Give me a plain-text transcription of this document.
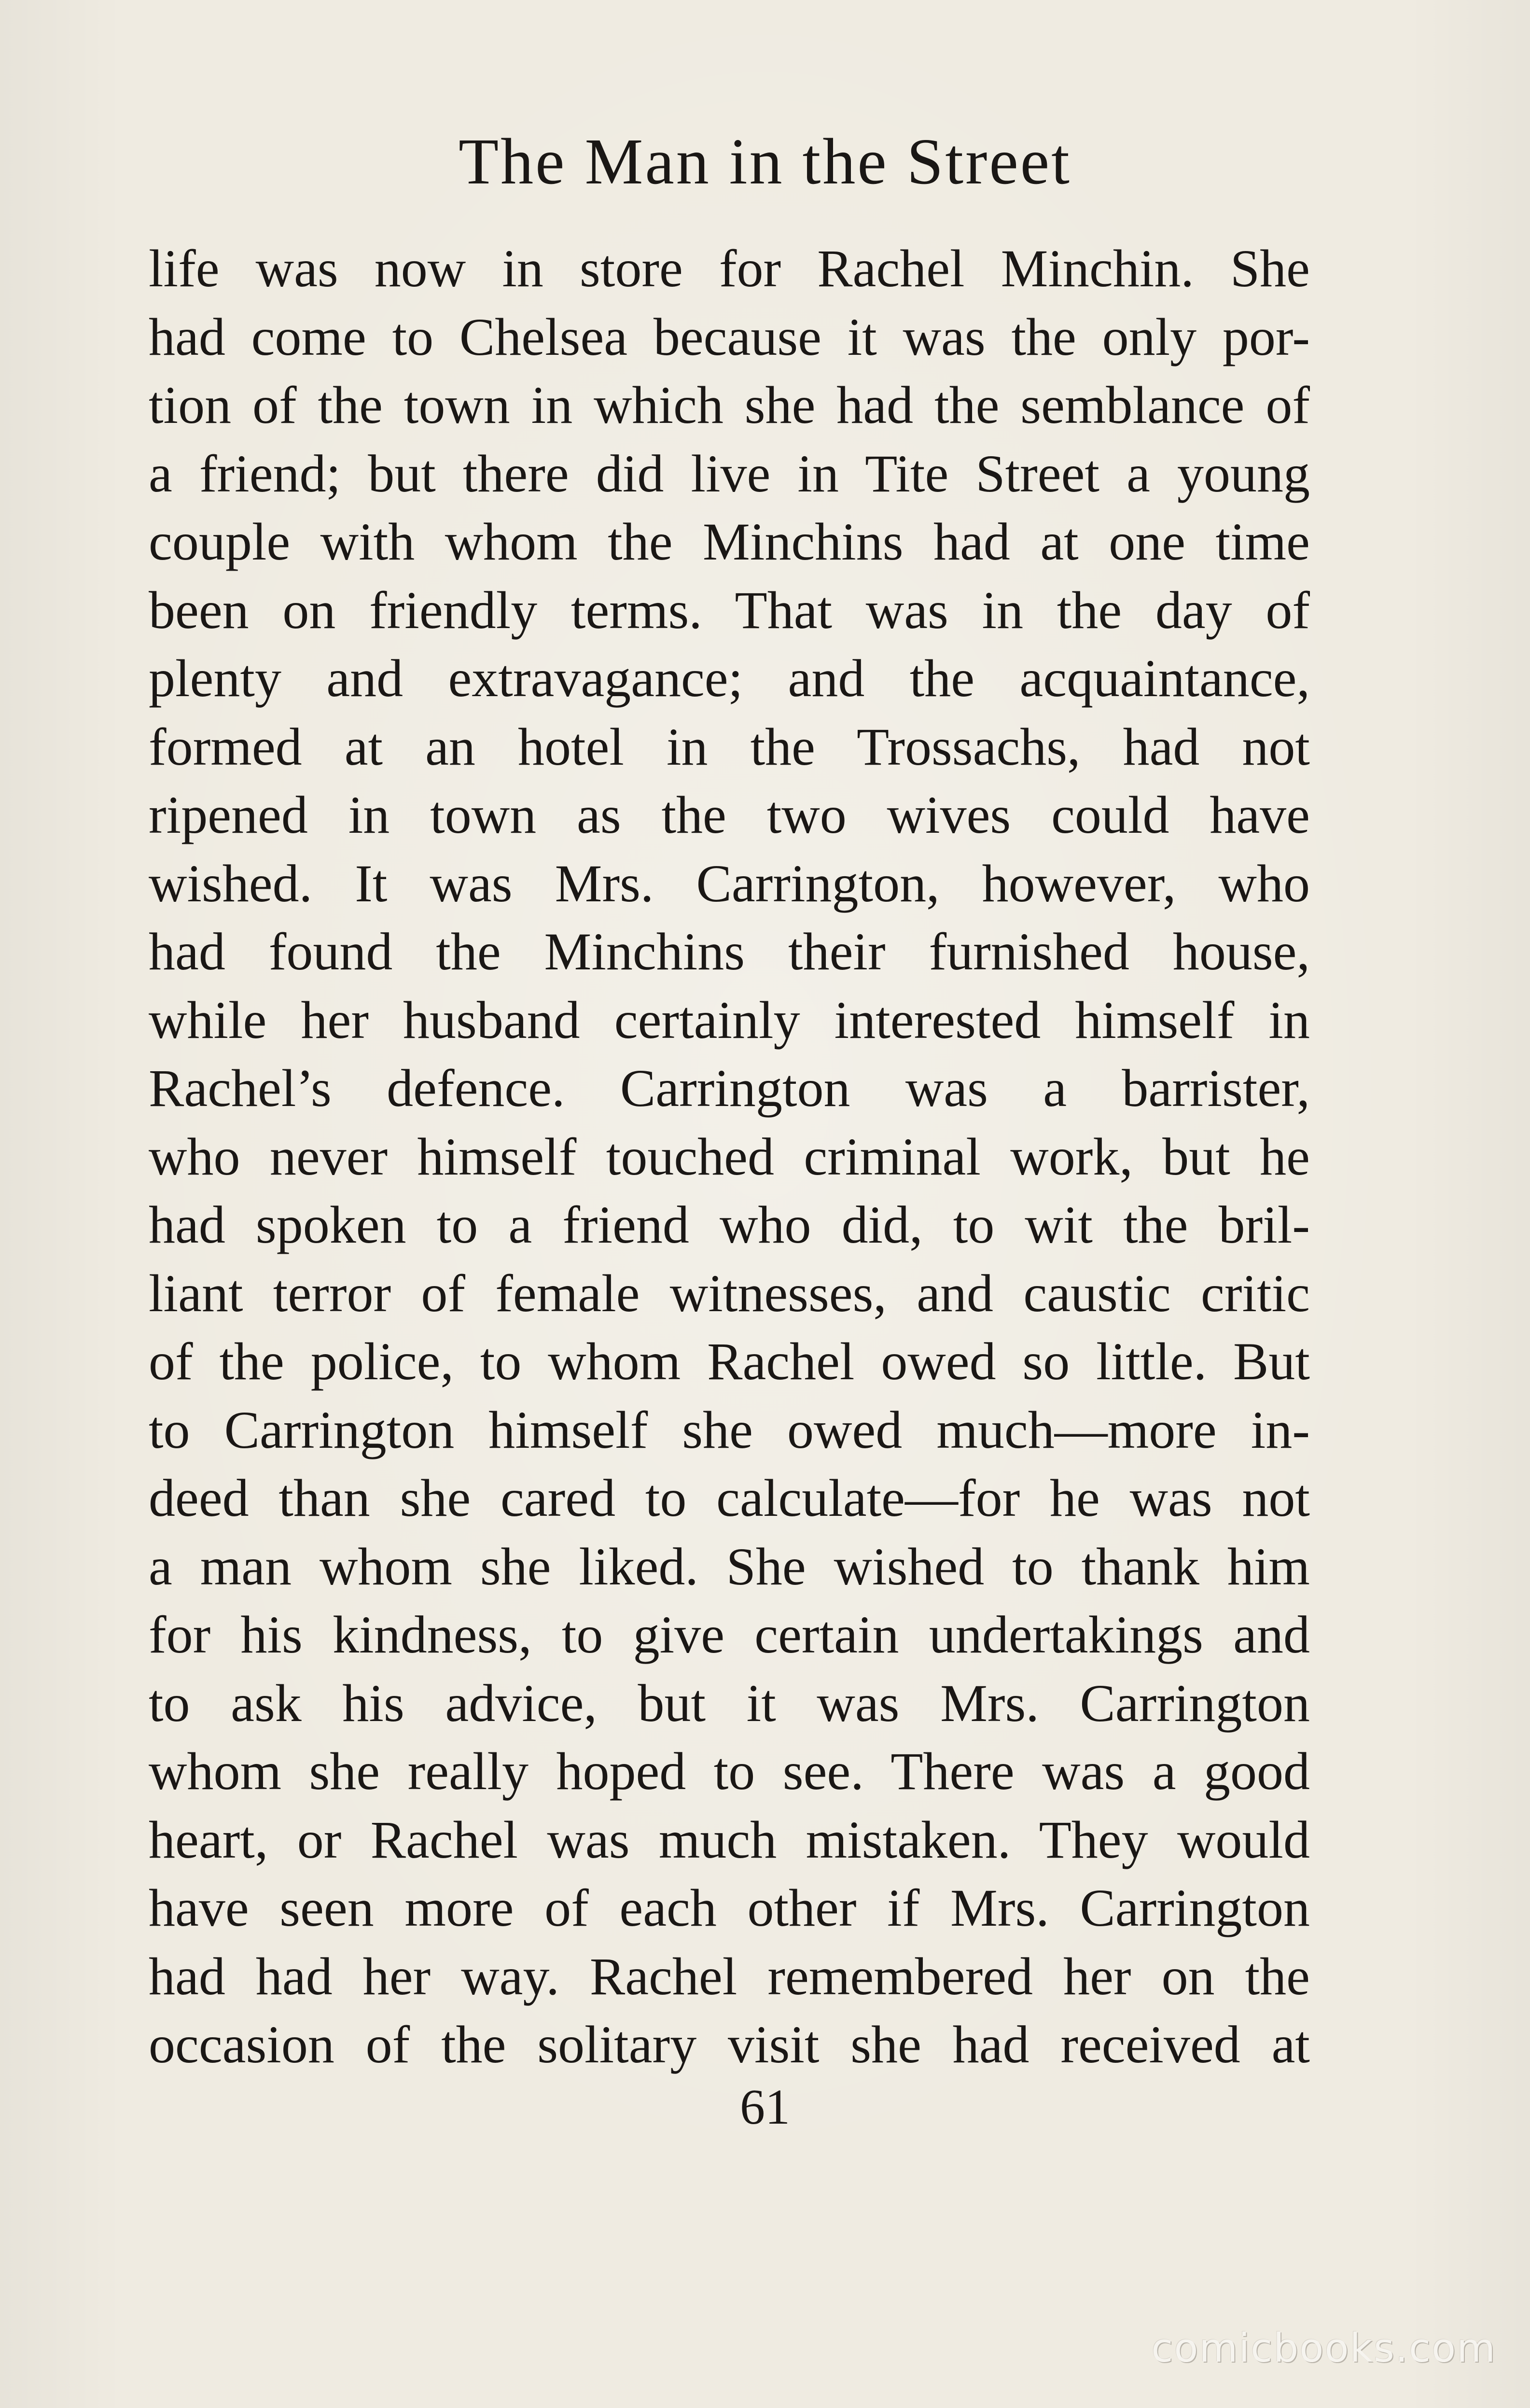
The Man in the Street
life was now in store for Rachel Minchin. She
had come to Chelsea because it was the only por-
tion of the town in which she had the semblance of
a friend; but there did live in Tite Street a young
couple with whom the Minchins had at one time
been on friendly terms. That was in the day of
plenty and extravagance; and the acquaintance,
formed at an hotel in the Trossachs, had not
ripened in town as the two wives could have
wished. It was Mrs. Carrington, however, who
had found the Minchins their furnished house,
while her husband certainly interested himself in
Rachel’s defence. Carrington was a barrister,
who never himself touched criminal work, but he
had spoken to a friend who did, to wit the bril-
liant terror of female witnesses, and caustic critic
of the police, to whom Rachel owed so little. But
to Carrington himself she owed much—more in-
deed than she cared to calculate—for he was not
a man whom she liked. She wished to thank him
for his kindness, to give certain undertakings and
to ask his advice, but it was Mrs. Carrington
whom she really hoped to see. There was a good
heart, or Rachel was much mistaken. They would
have seen more of each other if Mrs. Carrington
had had her way. Rachel remembered her on the
occasion of the solitary visit she had received at
61
comicbooks.com
